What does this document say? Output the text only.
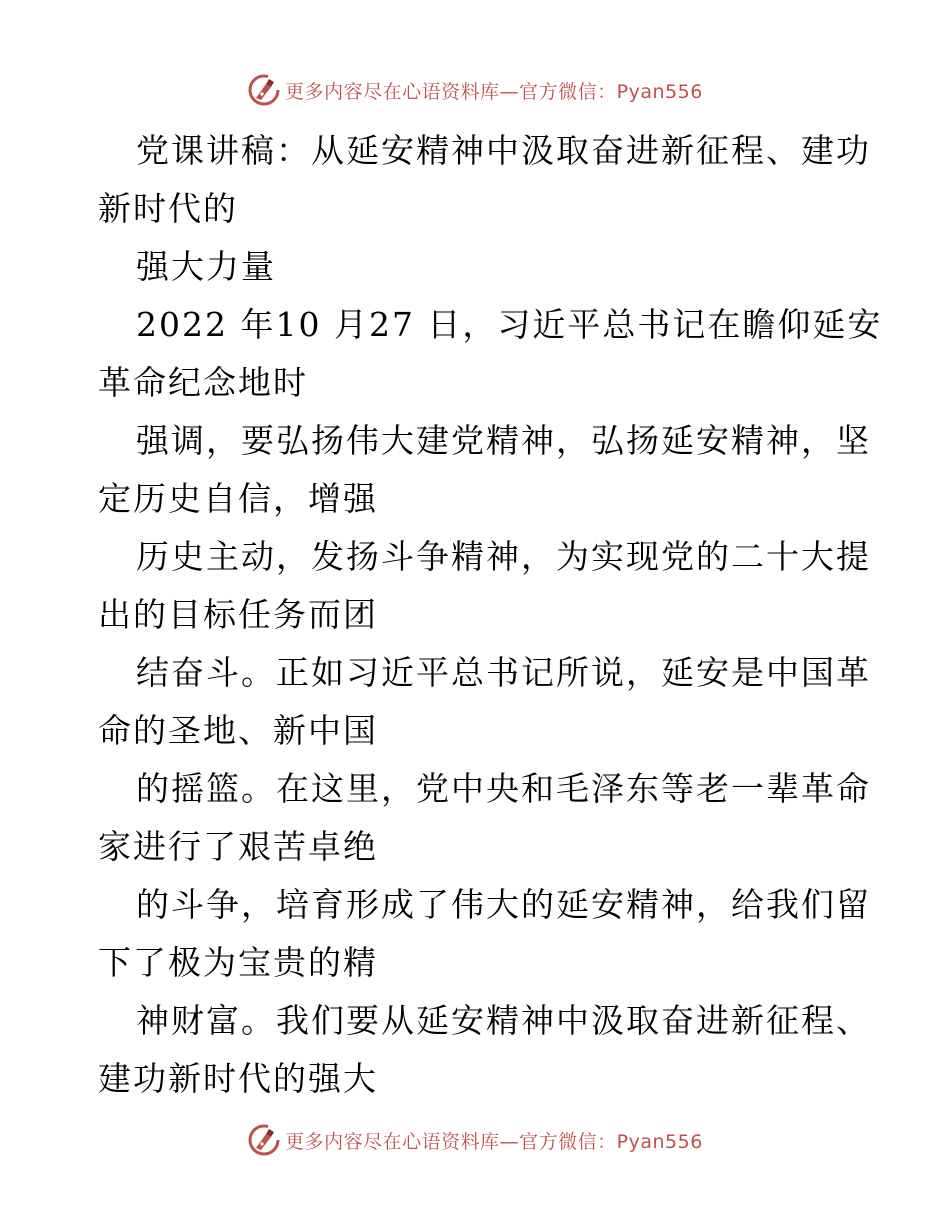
更多内容尽在心语资料库—官方微信：Pyan556

党课讲稿：从延安精神中汲取奋进新征程、建功

新时代的

强大力量

2022 年10 月27 日，习近平总书记在瞻仰延安

革命纪念地时

强调，要弘扬伟大建党精神，弘扬延安精神，坚

定历史自信，增强

历史主动，发扬斗争精神，为实现党的二十大提

出的目标任务而团

结奋斗。正如习近平总书记所说，延安是中国革

命的圣地、新中国

的摇篮。在这里，党中央和毛泽东等老一辈革命

家进行了艰苦卓绝

的斗争，培育形成了伟大的延安精神，给我们留

下了极为宝贵的精

神财富。我们要从延安精神中汲取奋进新征程、

建功新时代的强大

更多内容尽在心语资料库—官方微信：Pyan556
